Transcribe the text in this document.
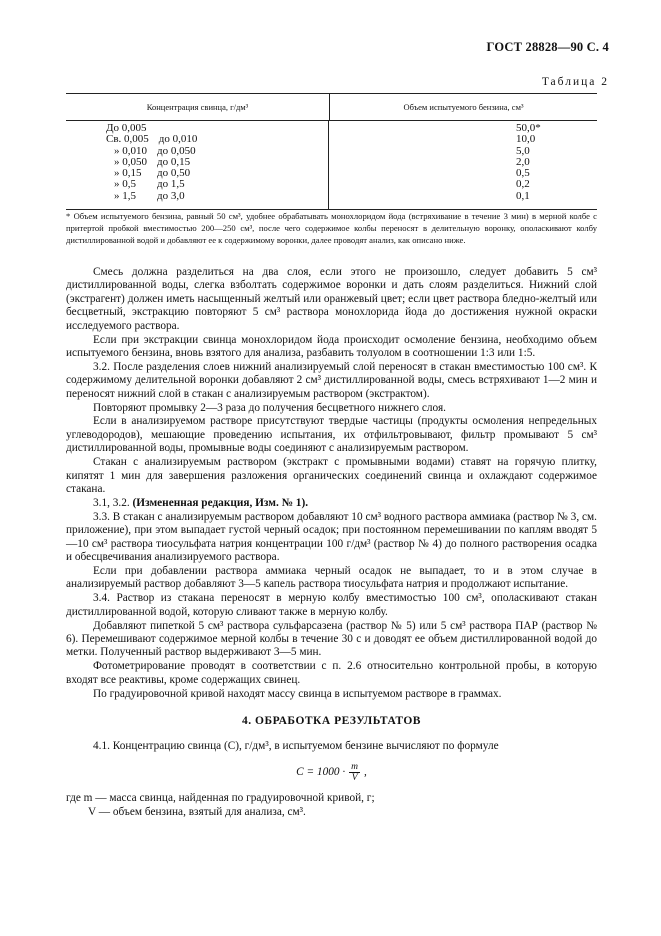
ГОСТ 28828—90 С. 4
Таблица 2
Концентрация свинца, г/дм³	Объем испытуемого бензина, см³
До 0,005
Св. 0,005 до 0,010
» 0,010 до 0,050
» 0,050 до 0,15
» 0,15 до 0,50
» 0,5 до 1,5
» 1,5 до 3,0
50,0*
10,0
5,0
2,0
0,5
0,2
0,1
* Объем испытуемого бензина, равный 50 см³, удобнее обрабатывать монохлоридом йода (встряхивание в течение 3 мин) в мерной колбе с притертой пробкой вместимостью 200—250 см³, после чего содержимое колбы переносят в делительную воронку, ополаскивают колбу дистиллированной водой и добавляют ее к содержимому воронки, далее проводят анализ, как описано ниже.

Смесь должна разделиться на два слоя, если этого не произошло, следует добавить 5 см³ дистиллированной воды, слегка взболтать содержимое воронки и дать слоям разделиться. Нижний слой (экстрагент) должен иметь насыщенный желтый или оранжевый цвет; если цвет раствора бледно-желтый или бесцветный, экстракцию повторяют 5 см³ раствора монохлорида йода до достижения нужной окраски исследуемого раствора.

Если при экстракции свинца монохлоридом йода происходит осмоление бензина, необходимо объем испытуемого бензина, вновь взятого для анализа, разбавить толуолом в соотношении 1:3 или 1:5.

3.2. После разделения слоев нижний анализируемый слой переносят в стакан вместимостью 100 см³. К содержимому делительной воронки добавляют 2 см³ дистиллированной воды, смесь встряхивают 1—2 мин и переносят нижний слой в стакан с анализируемым раствором (экстрактом).

Повторяют промывку 2—3 раза до получения бесцветного нижнего слоя.

Если в анализируемом растворе присутствуют твердые частицы (продукты осмоления непредельных углеводородов), мешающие проведению испытания, их отфильтровывают, фильтр промывают 5 см³ дистиллированной воды, промывные воды соединяют с анализируемым раствором.

Стакан с анализируемым раствором (экстракт с промывными водами) ставят на горячую плитку, кипятят 1 мин для завершения разложения органических соединений свинца и охлаждают содержимое стакана.

3.1, 3.2. (Измененная редакция, Изм. № 1).

3.3. В стакан с анализируемым раствором добавляют 10 см³ водного раствора аммиака (раствор № 3, см. приложение), при этом выпадает густой черный осадок; при постоянном перемешивании по каплям вводят 5—10 см³ раствора тиосульфата натрия концентрации 100 г/дм³ (раствор № 4) до полного растворения осадка и обесцвечивания анализируемого раствора.

Если при добавлении раствора аммиака черный осадок не выпадает, то и в этом случае в анализируемый раствор добавляют 3—5 капель раствора тиосульфата натрия и продолжают испытание.

3.4. Раствор из стакана переносят в мерную колбу вместимостью 100 см³, ополаскивают стакан дистиллированной водой, которую сливают также в мерную колбу.

Добавляют пипеткой 5 см³ раствора сульфарсазена (раствор № 5) или 5 см³ раствора ПАР (раствор № 6). Перемешивают содержимое мерной колбы в течение 30 с и доводят ее объем дистиллированной водой до метки. Полученный раствор выдерживают 3—5 мин.

Фотометрирование проводят в соответствии с п. 2.6 относительно контрольной пробы, в которую входят все реактивы, кроме содержащих свинец.

По градуировочной кривой находят массу свинца в испытуемом растворе в граммах.

4. ОБРАБОТКА РЕЗУЛЬТАТОВ

4.1. Концентрацию свинца (C), г/дм³, в испытуемом бензине вычисляют по формуле

$C = 1000 \cdot \frac{m}{V}$ ,

где m — масса свинца, найденная по градуировочной кривой, г;

V — объем бензина, взятый для анализа, см³.
